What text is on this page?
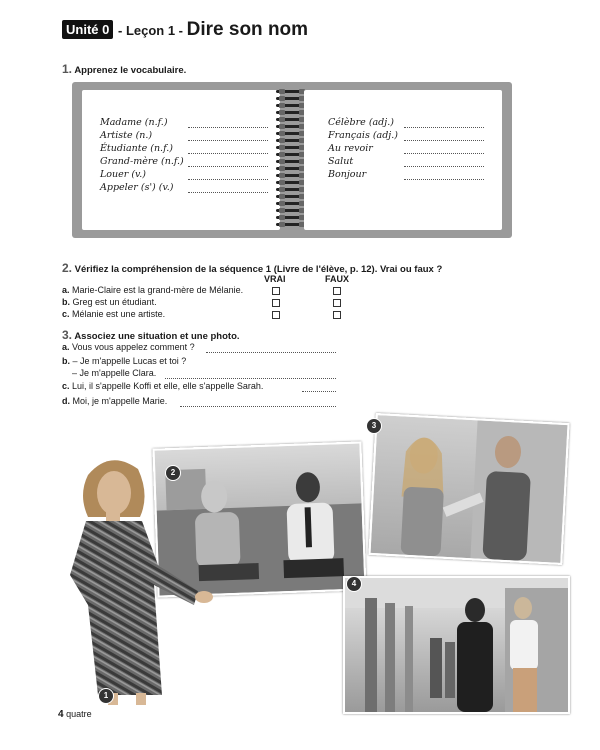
Unité 0 - Leçon 1 - Dire son nom
1. Apprenez le vocabulaire.
Madame (n.f.)
Artiste (n.)
Étudiante (n.f.)
Grand-mère (n.f.)
Louer (v.)
Appeler (s') (v.)
Célèbre (adj.)
Français (adj.)
Au revoir
Salut
Bonjour
2. Vérifiez la compréhension de la séquence 1 (Livre de l'élève, p. 12). Vrai ou faux ?
VRAI	FAUX
a. Marie-Claire est la grand-mère de Mélanie.
b. Greg est un étudiant.
c. Mélanie est une artiste.
3. Associez une situation et une photo.
a. Vous vous appelez comment ?
b. – Je m'appelle Lucas et toi ?
– Je m'appelle Clara.
c. Lui, il s'appelle Koffi et elle, elle s'appelle Sarah.
d. Moi, je m'appelle Marie.
2
3
4
1
4 quatre
